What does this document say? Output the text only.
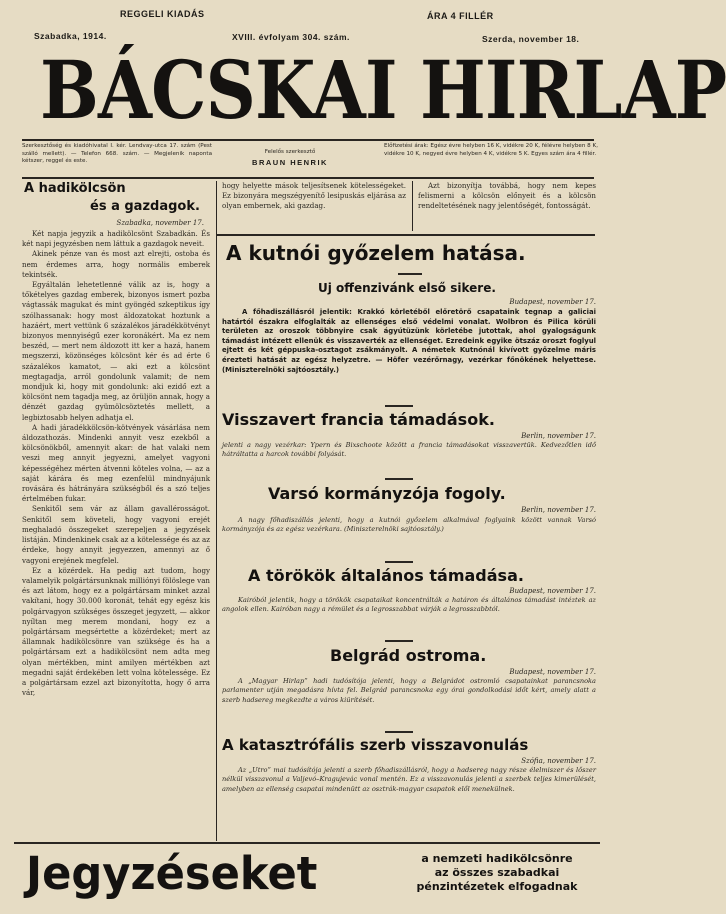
REGGELI KIADÁS	ÁRA 4 FILLÉR
Szabadka, 1914.	XVIII. évfolyam 304. szám.	Szerda, november 18.
BÁCSKAI HIRLAP
Szerkesztőség és kiadóhivatal I. kér. Lendvay-utca 17. szám (Pest szálló mellett). — Telefon 668. szám. — Megjelenik naponta kétszer, reggel és este.
Felelős szerkesztő
BRAUN HENRIK
Előfizetési árak: Egész évre helyben 16 K, vidékre 20 K, félévre helyben 8 K, vidékre 10 K, negyed évre helyben 4 K, vidékre 5 K. Egyes szám ára 4 fillér.
A hadikölcsön
és a gazdagok.
Szabadka, november 17.

Két napja jegyzik a hadikölcsönt Szabadkán. És két napi jegyzésben nem láttuk a gazdagok neveit.

Akinek pénze van és most azt elrejti, ostoba és nem érdemes arra, hogy normális emberek tekintsék.

Egyáltalán lehetetlenné válik az is, hogy a tőkételyes gazdag emberek, bizonyos ismert pozba vágtassák magukat és mint gyöngéd szkeptikus így szólhassanak: hogy most áldozatokat hoztunk a hazáért, mert vettünk 6 százalékos járadékkötvényt bizonyos mennyiségű ezer koronákért. Ma ez nem beszéd, — mert nem áldozott itt ker a hazá, hanem megszerzi, közönséges kölcsönt kér és ad érte 6 százalékos kamatot, — aki ezt a kölcsönt megtagadja, arról gondolunk valamit; de nem mondjuk ki, hogy mit gondolunk: aki ezidő ezt a kölcsönt nem tagadja meg, az örüljön annak, hogy a dénzét gazdag gyümölcsöztetés mellett, a legbiztosabb helyen adhatja el.

A hadi járadékkölcsön-kötvények vásárlása nem áldozathozás. Mindenki annyit vesz ezekből a kölcsönökből, amennyit akar: de hat valaki nem veszi meg annyit jegyezni, amelyet vagyoni képességéhez mérten átvenni köteles volna, — az a saját kárára és meg ezenfelül mindnyájunk rovására és hátrányára szükségből és a szó teljes értelmében fukar.

Senkitől sem vár az állam gavallérosságot. Senkitől sem követeli, hogy vagyoni erejét meghaladó összegeket szerepeljen a jegyzések listáján. Mindenkinek csak az a kötelessége és az az érdeke, hogy annyit jegyezzen, amennyi az ő vagyoni erejének megfelel.

Ez a közérdek. Ha pedig azt tudom, hogy valamelyik polgártársunknak milliónyi fölöslege van és azt látom, hogy ez a polgártársam minket azzal vakítani, hogy 30.000 koronát, tehát egy egész kis polgárvagyon szükséges összeget jegyzett, — akkor nyíltan meg merem mondani, hogy ez a polgártársam megsértette a közérdeket; mert az államnak hadikölcsönre van szüksége és ha a polgártársam ezt a hadikölcsönt nem adta meg olyan mértékben, mint amilyen mértékben azt megadni saját érdekében lett volna kötelessége. Ez a polgártársam ezzel azt bizonyította, hogy ő arra vár,

hogy helyette mások teljesítsenek kötelességeket. Ez bizonyára megszégyenítő lesipuskás eljárása az olyan embernek, aki gazdag.
Azt bizonyítja továbbá, hogy nem kepes felismerni a kölcsön előnyeit és a kölcsön rendeltetésének nagy jelentőségét, fontosságát.
A kutnói győzelem hatása.
Uj offenzivánk első sikere.
Budapest, november 17.
A főhadiszállásról jelentik: Krakkó körletéből előretörő csapataink tegnap a galiciai határtól északra elfoglalták az ellenséges első védelmi vonalat. Wolbron és Pilica körüli területen az oroszok többnyire csak ágyútüzünk körletébe jutottak, ahol gyalogságunk támadást intézett ellenük és visszaverték az ellenséget. Ezredeink egyike ötszáz oroszt foglyul ejtett és két géppuska-osztagot zsákmányolt. A németek Kutnónál kivívott győzelme máris érezteti hatását az egész helyzetre. — Höfer vezérőrnagy, vezérkar főnökének helyettese. (Miniszterelnöki sajtóosztály.)
Visszavert francia támadások.
Berlin, november 17.
jelenti a nagy vezérkar: Ypern és Bixschoote között a francia támadásokat visszavertük. Kedvezőtlen idő hátráltatta a harcok további folyását.
Varsó kormányzója fogoly.
Berlin, november 17.
A nagy főhadiszállás jelenti, hogy a kutnói győzelem alkalmával foglyaink között vannak Varsó kormányzója és az egész vezérkara. (Miniszterelnöki sajtóosztály.)
A törökök általános támadása.
Budapest, november 17.
Kairóból jelentik, hogy a törökök csapataikat koncentrálták a határon és általános támadást intéztek az angolok ellen. Kairóban nagy a rémület és a legrosszabbat várják a legrosszabbtól.
Belgrád ostroma.
Budapest, november 17.
A „Magyar Hirlap” hadi tudósítója jelenti, hogy a Belgrádot ostromló csapatainkat parancsnoka parlamenter utján megadásra hívta fel. Belgrád parancsnoka egy órai gondolkodási időt kért, amely alatt a szerb hadsereg megkezdte a város kiürítését.
A katasztrófális szerb visszavonulás
Szófia, november 17.
Az „Utro” mai tudósítója jelenti a szerb főhadiszállásról, hogy a hadsereg nagy része élelmiszer és lőszer nélkül visszavonul a Valjevó–Kragujevác vonal mentén. Ez a visszavonulás jelenti a szerbek teljes kimerülését, amelyben az ellenség csapatai mindenütt az osztrák-magyar csapatok elől menekülnek.
Jegyzéseket	a nemzeti hadikölcsönre
az összes szabadkai
pénzintézetek elfogadnak
